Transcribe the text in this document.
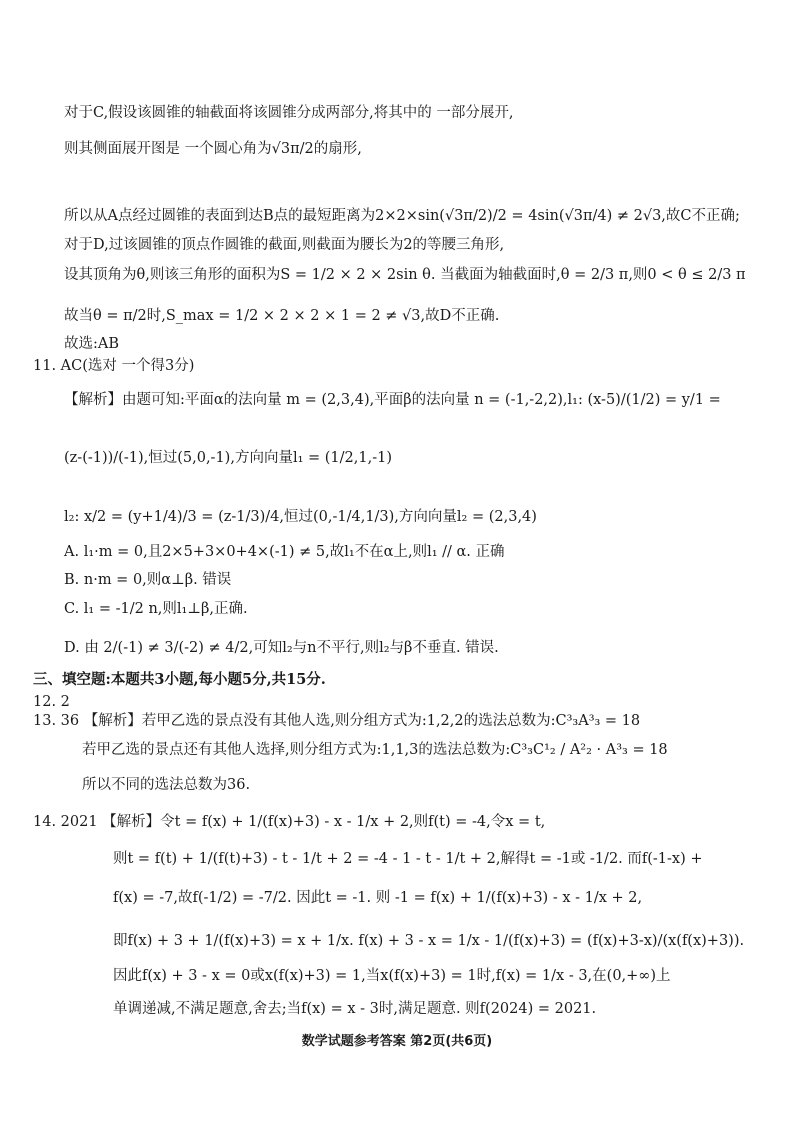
对于C,假设该圆锥的轴截面将该圆锥分成两部分,将其中的 一部分展开,
则其侧面展开图是 一个圆心角为√3π/2的扇形,
所以从A点经过圆锥的表面到达B点的最短距离为2×2×sin(√3π/2)/2 = 4sin(√3π/4) ≠ 2√3,故C不正确;
对于D,过该圆锥的顶点作圆锥的截面,则截面为腰长为2的等腰三角形,
设其顶角为θ,则该三角形的面积为S = 1/2 × 2 × 2sin θ. 当截面为轴截面时,θ = 2/3 π,则0 < θ ≤ 2/3 π
故当θ = π/2时,S_max = 1/2 × 2 × 2 × 1 = 2 ≠ √3,故D不正确.
故选:AB
11. AC(选对 一个得3分)
【解析】由题可知:平面α的法向量 m = (2,3,4),平面β的法向量 n = (-1,-2,2),l₁: (x-5)/(1/2) = y/1 =
(z-(-1))/(-1),恒过(5,0,-1),方向向量l₁ = (1/2,1,-1)
l₂: x/2 = (y+1/4)/3 = (z-1/3)/4,恒过(0,-1/4,1/3),方向向量l₂ = (2,3,4)
A. l₁·m = 0,且2×5+3×0+4×(-1) ≠ 5,故l₁不在α上,则l₁ // α. 正确
B. n·m = 0,则α⊥β. 错误
C. l₁ = -1/2 n,则l₁⊥β,正确.
D. 由 2/(-1) ≠ 3/(-2) ≠ 4/2,可知l₂与n不平行,则l₂与β不垂直. 错误.
三、填空题:本题共3小题,每小题5分,共15分.
12. 2
13. 36 【解析】若甲乙选的景点没有其他人选,则分组方式为:1,2,2的选法总数为:C³₃A³₃ = 18
若甲乙选的景点还有其他人选择,则分组方式为:1,1,3的选法总数为:C³₃C¹₂ / A²₂ · A³₃ = 18
所以不同的选法总数为36.
14. 2021 【解析】令t = f(x) + 1/(f(x)+3) - x - 1/x + 2,则f(t) = -4,令x = t,
则t = f(t) + 1/(f(t)+3) - t - 1/t + 2 = -4 - 1 - t - 1/t + 2,解得t = -1或 -1/2. 而f(-1-x) +
f(x) = -7,故f(-1/2) = -7/2. 因此t = -1. 则 -1 = f(x) + 1/(f(x)+3) - x - 1/x + 2,
即f(x) + 3 + 1/(f(x)+3) = x + 1/x. f(x) + 3 - x = 1/x - 1/(f(x)+3) = (f(x)+3-x)/(x(f(x)+3)).
因此f(x) + 3 - x = 0或x(f(x)+3) = 1,当x(f(x)+3) = 1时,f(x) = 1/x - 3,在(0,+∞)上
单调递减,不满足题意,舍去;当f(x) = x - 3时,满足题意. 则f(2024) = 2021.
数学试题参考答案 第2页(共6页)
